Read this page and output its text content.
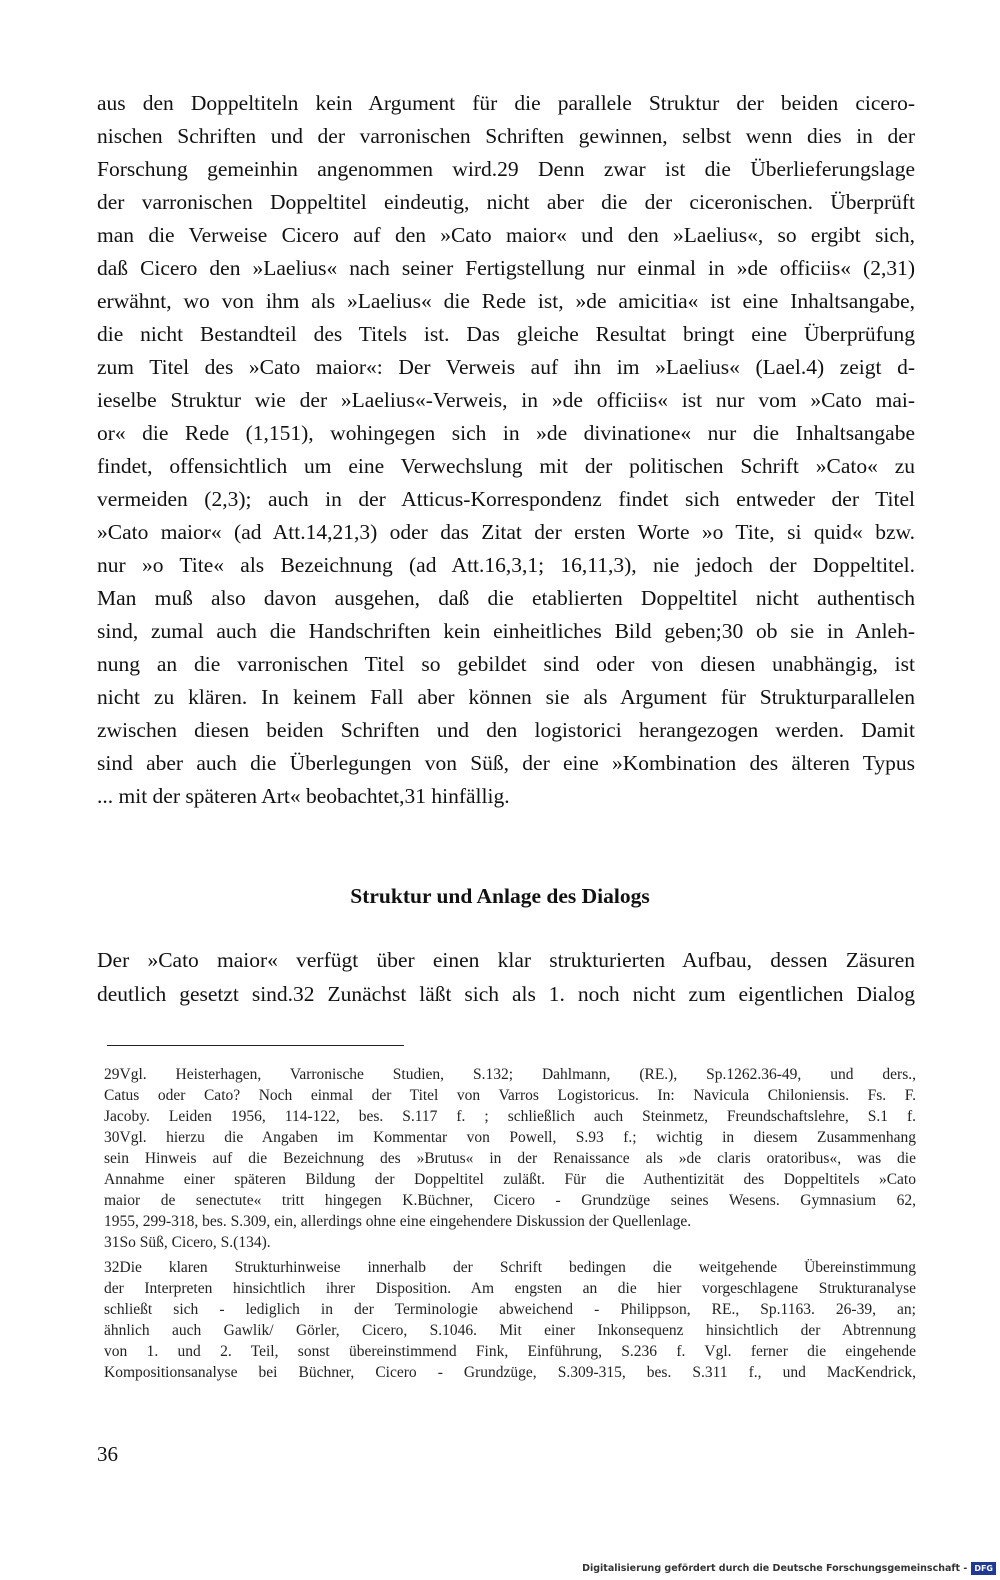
aus den Doppeltiteln kein Argument für die parallele Struktur der beiden cicero-
nischen Schriften und der varronischen Schriften gewinnen, selbst wenn dies in der
Forschung gemeinhin angenommen wird.29 Denn zwar ist die Überlieferungslage
der varronischen Doppeltitel eindeutig, nicht aber die der ciceronischen. Überprüft
man die Verweise Cicero auf den »Cato maior« und den »Laelius«, so ergibt sich,
daß Cicero den »Laelius« nach seiner Fertigstellung nur einmal in »de officiis« (2,31)
erwähnt, wo von ihm als »Laelius« die Rede ist, »de amicitia« ist eine Inhaltsangabe,
die nicht Bestandteil des Titels ist. Das gleiche Resultat bringt eine Überprüfung
zum Titel des »Cato maior«: Der Verweis auf ihn im »Laelius« (Lael.4) zeigt d-
ieselbe Struktur wie der »Laelius«-Verweis, in »de officiis« ist nur vom »Cato mai-
or« die Rede (1,151), wohingegen sich in »de divinatione« nur die Inhaltsangabe
findet, offensichtlich um eine Verwechslung mit der politischen Schrift »Cato« zu
vermeiden (2,3); auch in der Atticus-Korrespondenz findet sich entweder der Titel
»Cato maior« (ad Att.14,21,3) oder das Zitat der ersten Worte »o Tite, si quid« bzw.
nur »o Tite« als Bezeichnung (ad Att.16,3,1; 16,11,3), nie jedoch der Doppeltitel.
Man muß also davon ausgehen, daß die etablierten Doppeltitel nicht authentisch
sind, zumal auch die Handschriften kein einheitliches Bild geben;30 ob sie in Anleh-
nung an die varronischen Titel so gebildet sind oder von diesen unabhängig, ist
nicht zu klären. In keinem Fall aber können sie als Argument für Strukturparallelen
zwischen diesen beiden Schriften und den logistorici herangezogen werden. Damit
sind aber auch die Überlegungen von Süß, der eine »Kombination des älteren Typus
... mit der späteren Art« beobachtet,31 hinfällig.
Struktur und Anlage des Dialogs
Der »Cato maior« verfügt über einen klar strukturierten Aufbau, dessen Zäsuren
deutlich gesetzt sind.32 Zunächst läßt sich als 1. noch nicht zum eigentlichen Dialog
29Vgl. Heisterhagen, Varronische Studien, S.132; Dahlmann, (RE.), Sp.1262.36-49, und ders.,
Catus oder Cato? Noch einmal der Titel von Varros Logistoricus. In: Navicula Chiloniensis. Fs. F.
Jacoby. Leiden 1956, 114-122, bes. S.117 f. ; schließlich auch Steinmetz, Freundschaftslehre, S.1 f.
30Vgl. hierzu die Angaben im Kommentar von Powell, S.93 f.; wichtig in diesem Zusammenhang
sein Hinweis auf die Bezeichnung des »Brutus« in der Renaissance als »de claris oratoribus«, was die
Annahme einer späteren Bildung der Doppeltitel zuläßt. Für die Authentizität des Doppeltitels »Cato
maior de senectute« tritt hingegen K.Büchner, Cicero - Grundzüge seines Wesens. Gymnasium 62,
1955, 299-318, bes. S.309, ein, allerdings ohne eine eingehendere Diskussion der Quellenlage.
31So Süß, Cicero, S.(134).
32Die klaren Strukturhinweise innerhalb der Schrift bedingen die weitgehende Übereinstimmung
der Interpreten hinsichtlich ihrer Disposition. Am engsten an die hier vorgeschlagene Strukturanalyse
schließt sich - lediglich in der Terminologie abweichend - Philippson, RE., Sp.1163. 26-39, an;
ähnlich auch Gawlik/ Görler, Cicero, S.1046. Mit einer Inkonsequenz hinsichtlich der Abtrennung
von 1. und 2. Teil, sonst übereinstimmend Fink, Einführung, S.236 f. Vgl. ferner die eingehende
Kompositionsanalyse bei Büchner, Cicero - Grundzüge, S.309-315, bes. S.311 f., und MacKendrick,
36
Digitalisierung gefördert durch die Deutsche Forschungsgemeinschaft - DFG
